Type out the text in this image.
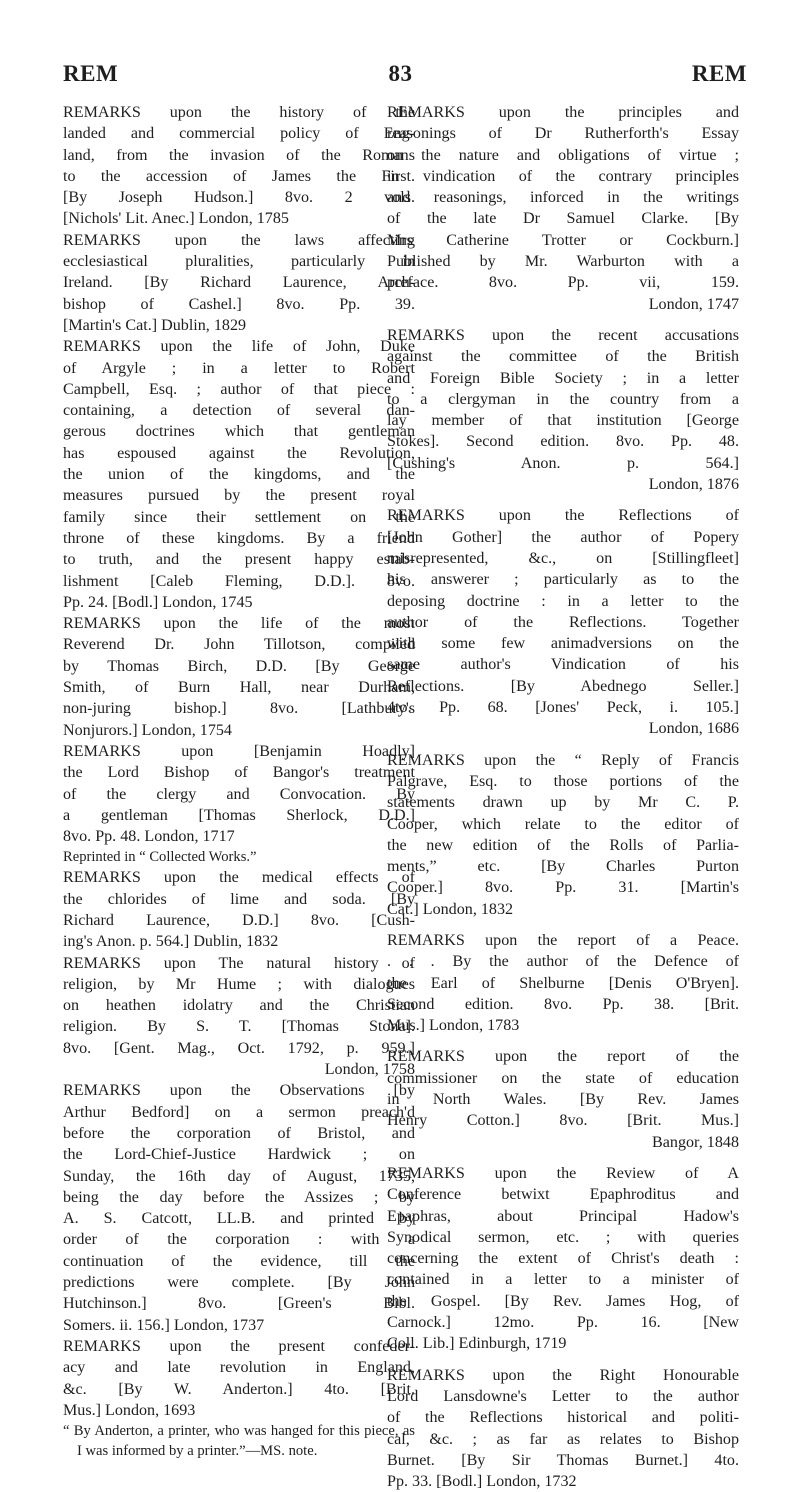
REM	83	REM

REMARKS upon the history of the
landed and commercial policy of Eng-
land, from the invasion of the Romans
to the accession of James the First.
[By Joseph Hudson.] 8vo. 2 vols.
[Nichols' Lit. Anec.] London, 1785

REMARKS upon the laws affecting
ecclesiastical pluralities, particularly in
Ireland. [By Richard Laurence, Arch-
bishop of Cashel.] 8vo. Pp. 39.
[Martin's Cat.] Dublin, 1829

REMARKS upon the life of John, Duke
of Argyle ; in a letter to Robert
Campbell, Esq. ; author of that piece :
containing, a detection of several dan-
gerous doctrines which that gentleman
has espoused against the Revolution,
the union of the kingdoms, and the
measures pursued by the present royal
family since their settlement on the
throne of these kingdoms. By a friend
to truth, and the present happy estab-
lishment [Caleb Fleming, D.D.]. 8vo.
Pp. 24. [Bodl.] London, 1745

REMARKS upon the life of the most
Reverend Dr. John Tillotson, compiled
by Thomas Birch, D.D. [By George
Smith, of Burn Hall, near Durham,
non-juring bishop.] 8vo. [Lathbury's
Nonjurors.] London, 1754

REMARKS upon [Benjamin Hoadly]
the Lord Bishop of Bangor's treatment
of the clergy and Convocation. By
a gentleman [Thomas Sherlock, D.D.]
8vo. Pp. 48. London, 1717
Reprinted in “ Collected Works.”

REMARKS upon the medical effects of
the chlorides of lime and soda. [By
Richard Laurence, D.D.] 8vo. [Cush-
ing's Anon. p. 564.] Dublin, 1832

REMARKS upon The natural history of
religion, by Mr Hume ; with dialogues
on heathen idolatry and the Christian
religion. By S. T. [Thomas Stona].
8vo. [Gent. Mag., Oct. 1792, p. 959.]
London, 1758

REMARKS upon the Observations [by
Arthur Bedford] on a sermon preach'd
before the corporation of Bristol, and
the Lord-Chief-Justice Hardwick ; on
Sunday, the 16th day of August, 1735,
being the day before the Assizes ; by
A. S. Catcott, LL.B. and printed by
order of the corporation : with a
continuation of the evidence, till the
predictions were complete. [By John
Hutchinson.] 8vo. [Green's Bibl.
Somers. ii. 156.] London, 1737

REMARKS upon the present confeder-
acy and late revolution in England,
&c. [By W. Anderton.] 4to. [Brit.
Mus.] London, 1693
“ By Anderton, a printer, who was hanged for this piece, as I was informed by a printer.”—MS. note.

REMARKS upon the principles and
reasonings of Dr Rutherforth's Essay
on the nature and obligations of virtue ;
in vindication of the contrary principles
and reasonings, inforced in the writings
of the late Dr Samuel Clarke. [By
Mrs Catherine Trotter or Cockburn.]
Published by Mr. Warburton with a
preface. 8vo. Pp. vii, 159.
London, 1747

REMARKS upon the recent accusations
against the committee of the British
and Foreign Bible Society ; in a letter
to a clergyman in the country from a
lay member of that institution [George
Stokes]. Second edition. 8vo. Pp. 48.
[Cushing's Anon. p. 564.]
London, 1876

REMARKS upon the Reflections of
[John Gother] the author of Popery
misrepresented, &c., on [Stillingfleet]
his answerer ; particularly as to the
deposing doctrine : in a letter to the
author of the Reflections. Together
with some few animadversions on the
same author's Vindication of his
Reflections. [By Abednego Seller.]
4to. Pp. 68. [Jones' Peck, i. 105.]
London, 1686

REMARKS upon the “ Reply of Francis
Palgrave, Esq. to those portions of the
statements drawn up by Mr C. P.
Cooper, which relate to the editor of
the new edition of the Rolls of Parlia-
ments,” etc. [By Charles Purton
Cooper.] 8vo. Pp. 31. [Martin's
Cat.] London, 1832

REMARKS upon the report of a Peace.
. . . By the author of the Defence of
the Earl of Shelburne [Denis O'Bryen].
Second edition. 8vo. Pp. 38. [Brit.
Mus.] London, 1783

REMARKS upon the report of the
commissioner on the state of education
in North Wales. [By Rev. James
Henry Cotton.] 8vo. [Brit. Mus.]
Bangor, 1848

REMARKS upon the Review of A
Conference betwixt Epaphroditus and
Epaphras, about Principal Hadow's
Synodical sermon, etc. ; with queries
concerning the extent of Christ's death :
contained in a letter to a minister of
the Gospel. [By Rev. James Hog, of
Carnock.] 12mo. Pp. 16. [New
Coll. Lib.] Edinburgh, 1719

REMARKS upon the Right Honourable
Lord Lansdowne's Letter to the author
of the Reflections historical and politi-
cal, &c. ; as far as relates to Bishop
Burnet. [By Sir Thomas Burnet.] 4to.
Pp. 33. [Bodl.] London, 1732
